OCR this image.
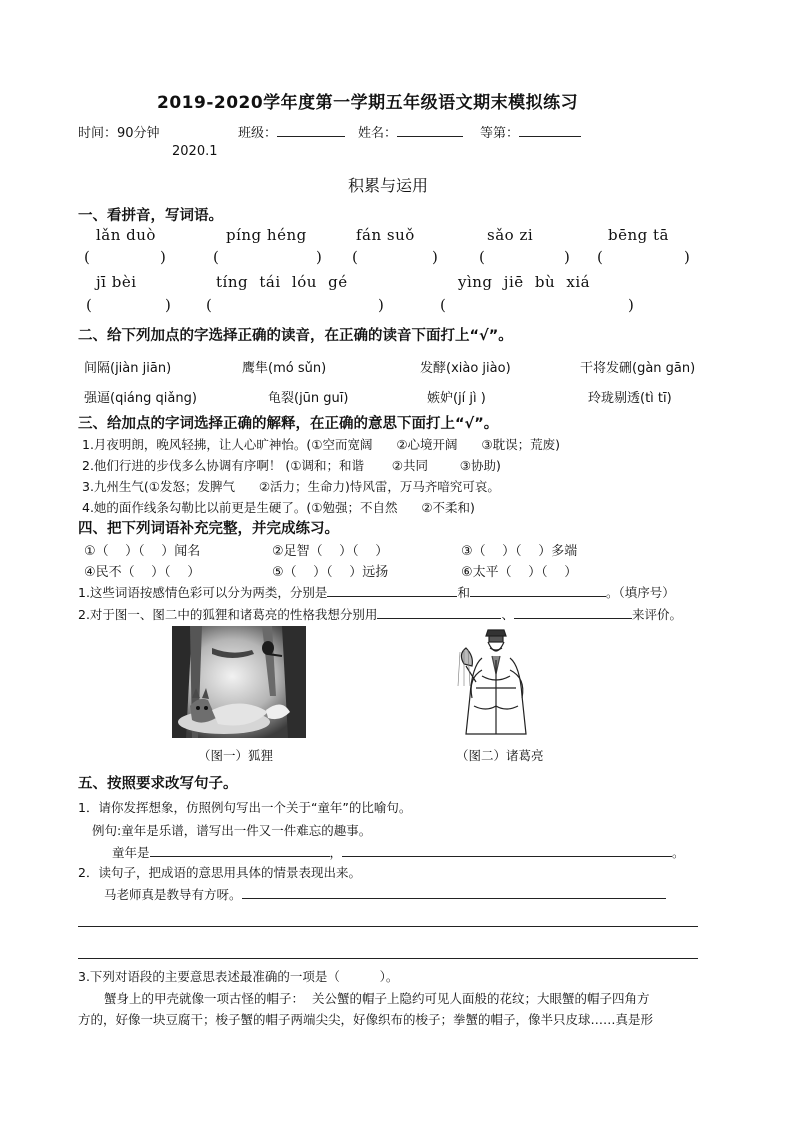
2019-2020学年度第一学期五年级语文期末模拟练习
时间：90分钟	班级：	姓名：	等第：
2020.1
积累与运用
一、看拼音，写词语。
lǎn duò	píng héng	fán suǒ	sǎo zi	bēng tā
(	)	(	) (	)	(	) (	)
jī bèi	tíng tái lóu gé	yìng jiē bù xiá
(	) (	)	(	)
二、给下列加点的字选择正确的读音，在正确的读音下面打上“√”。
间隔(jiàn jiān)	鹰隼(mó sǔn)	发酵(xiào jiào)	干将发硎(gàn gān)
强逼(qiáng qiǎng)	龟裂(jūn guī)	嫉妒(jí jì )	玲珑剔透(tì tī)
三、给加点的字词选择正确的解释，在正确的意思下面打上“√”。
1.月夜明朗，晚风轻拂，让人心旷神怡。(①空而宽阔      ②心境开阔      ③耽误；荒废)
2.他们行进的步伐多么协调有序啊！ (①调和；和谐       ②共同        ③协助)
3.九州生气(①发怒；发脾气      ②活力；生命力)恃风雷，万马齐喑究可哀。
4.她的面作线条勾勒比以前更是生硬了。(①勉强；不自然      ②不柔和)
四、把下列词语补充完整，并完成练习。
①（    ）（    ）闻名	②足智（    ）（    ）	③（    ）（    ）多端
④民不（    ）（    ）	⑤（    ）（    ）远扬	⑥太平（    ）（    ）
1.这些词语按感情色彩可以分为两类，分别是	和	。（填序号）
2.对于图一、图二中的狐狸和诸葛亮的性格我想分别用	、	来评价。
（图一）狐狸	（图二）诸葛亮
五、按照要求改写句子。
1．请你发挥想象，仿照例句写出一个关于“童年”的比喻句。
例句:童年是乐谱，谱写出一件又一件难忘的趣事。
童年是	，	。
2．读句子，把成语的意思用具体的情景表现出来。
马老师真是教导有方呀。
3.下列对语段的主要意思表述最准确的一项是（          ）。
蟹身上的甲壳就像一项古怪的帽子：  关公蟹的帽子上隐约可见人面般的花纹；大眼蟹的帽子四角方
方的，好像一块豆腐干；梭子蟹的帽子两端尖尖，好像织布的梭子；拳蟹的帽子，像半只皮球……真是形
